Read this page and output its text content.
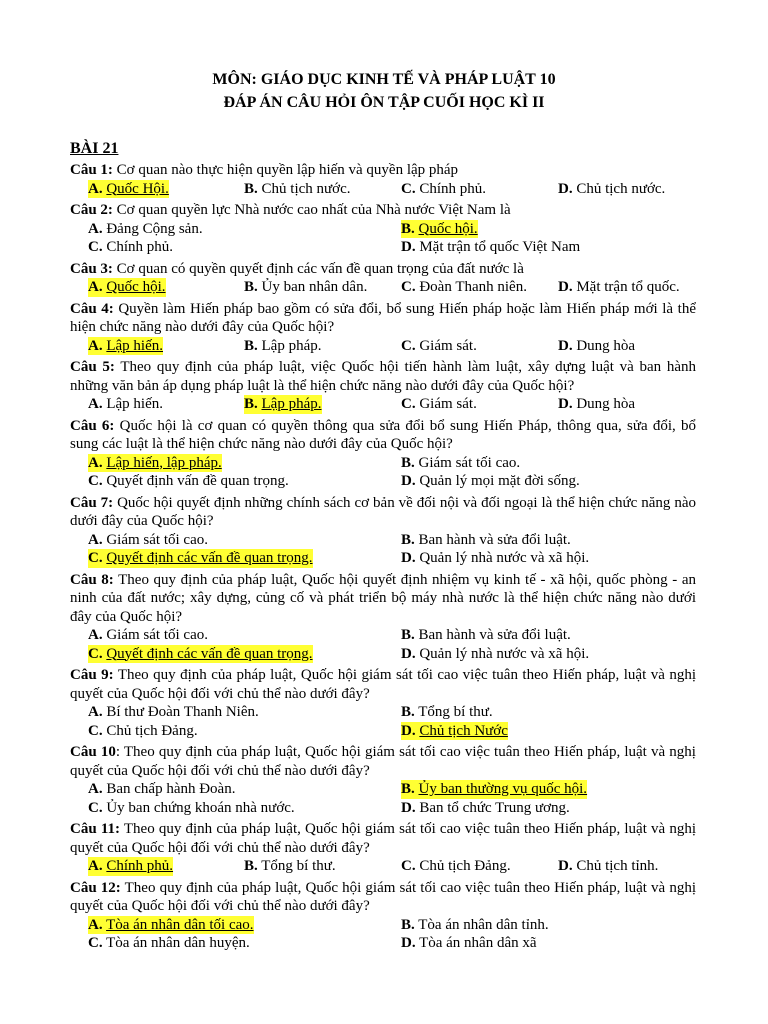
MÔN: GIÁO DỤC KINH TẾ VÀ PHÁP LUẬT 10
ĐÁP ÁN CÂU HỎI ÔN TẬP CUỐI HỌC KÌ II
BÀI 21

Câu 1: Cơ quan nào thực hiện quyền lập hiến và quyền lập pháp

A. Quốc Hội.	B. Chủ tịch nước.	C. Chính phủ.	D. Chủ tịch nước.

Câu 2: Cơ quan quyền lực Nhà nước cao nhất của Nhà nước Việt Nam là

A. Đảng Cộng sản.	B. Quốc hội.
C. Chính phủ.	D. Mặt trận tổ quốc Việt Nam

Câu 3: Cơ quan có quyền quyết định các vấn đề quan trọng của đất nước là

A. Quốc hội.	B. Ủy ban nhân dân. C. Đoàn Thanh niên. D. Mặt trận tổ quốc.

Câu 4: Quyền làm Hiến pháp bao gồm có sửa đổi, bổ sung Hiến pháp hoặc làm Hiến pháp mới là thể hiện chức năng nào dưới đây của Quốc hội?

A. Lập hiến.	B. Lập pháp.	C. Giám sát.	D. Dung hòa

Câu 5: Theo quy định của pháp luật, việc Quốc hội tiến hành làm luật, xây dựng luật và ban hành những văn bản áp dụng pháp luật là thể hiện chức năng nào dưới đây của Quốc hội?

A. Lập hiến.	B. Lập pháp.	C. Giám sát.	D. Dung hòa

Câu 6: Quốc hội là cơ quan có quyền thông qua sửa đổi bổ sung Hiến Pháp, thông qua, sửa đổi, bổ sung các luật là thể hiện chức năng nào dưới đây của Quốc hội?

A. Lập hiến, lập pháp.	B. Giám sát tối cao.
C. Quyết định vấn đề quan trọng.	D. Quản lý mọi mặt đời sống.

Câu 7: Quốc hội quyết định những chính sách cơ bản về đối nội và đối ngoại là thể hiện chức năng nào dưới đây của Quốc hội?

A. Giám sát tối cao.	B. Ban hành và sửa đổi luật.
C. Quyết định các vấn đề quan trọng.	D. Quản lý nhà nước và xã hội.

Câu 8: Theo quy định của pháp luật, Quốc hội quyết định nhiệm vụ kinh tế - xã hội, quốc phòng - an ninh của đất nước; xây dựng, củng cố và phát triển bộ máy nhà nước là thể hiện chức năng nào dưới đây của Quốc hội?

A. Giám sát tối cao.	B. Ban hành và sửa đổi luật.
C. Quyết định các vấn đề quan trọng.	D. Quản lý nhà nước và xã hội.

Câu 9: Theo quy định của pháp luật, Quốc hội giám sát tối cao việc tuân theo Hiến pháp, luật và nghị quyết của Quốc hội đối với chủ thể nào dưới đây?

A. Bí thư Đoàn Thanh Niên.	B. Tổng bí thư.
C. Chủ tịch Đảng.	D. Chủ tịch Nước

Câu 10: Theo quy định của pháp luật, Quốc hội giám sát tối cao việc tuân theo Hiến pháp, luật và nghị quyết của Quốc hội đối với chủ thể nào dưới đây?

A. Ban chấp hành Đoàn.	B. Ủy ban thường vụ quốc hội.
C. Ủy ban chứng khoán nhà nước.	D. Ban tổ chức Trung ương.

Câu 11: Theo quy định của pháp luật, Quốc hội giám sát tối cao việc tuân theo Hiến pháp, luật và nghị quyết của Quốc hội đối với chủ thể nào dưới đây?

A. Chính phủ.	B. Tổng bí thư.	C. Chủ tịch Đảng.	D. Chủ tịch tỉnh.

Câu 12: Theo quy định của pháp luật, Quốc hội giám sát tối cao việc tuân theo Hiến pháp, luật và nghị quyết của Quốc hội đối với chủ thể nào dưới đây?

A. Tòa án nhân dân tối cao.	B. Tòa án nhân dân tỉnh.
C. Tòa án nhân dân huyện.	D. Tòa án nhân dân xã
